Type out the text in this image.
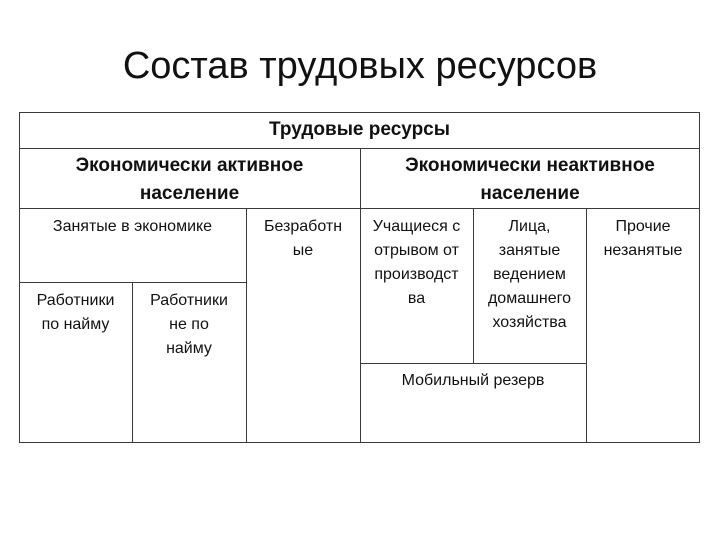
Состав трудовых ресурсов
Трудовые ресурсы
Экономически активное
население
Экономически неактивное
население
Занятые в экономике	Безработн
ые
Учащиеся с
отрывом от
производст
ва
Лица,
занятые
ведением
домашнего
хозяйства
Прочие
незанятые
Работники
по найму
Работники
не по
найму
Мобильный резерв
